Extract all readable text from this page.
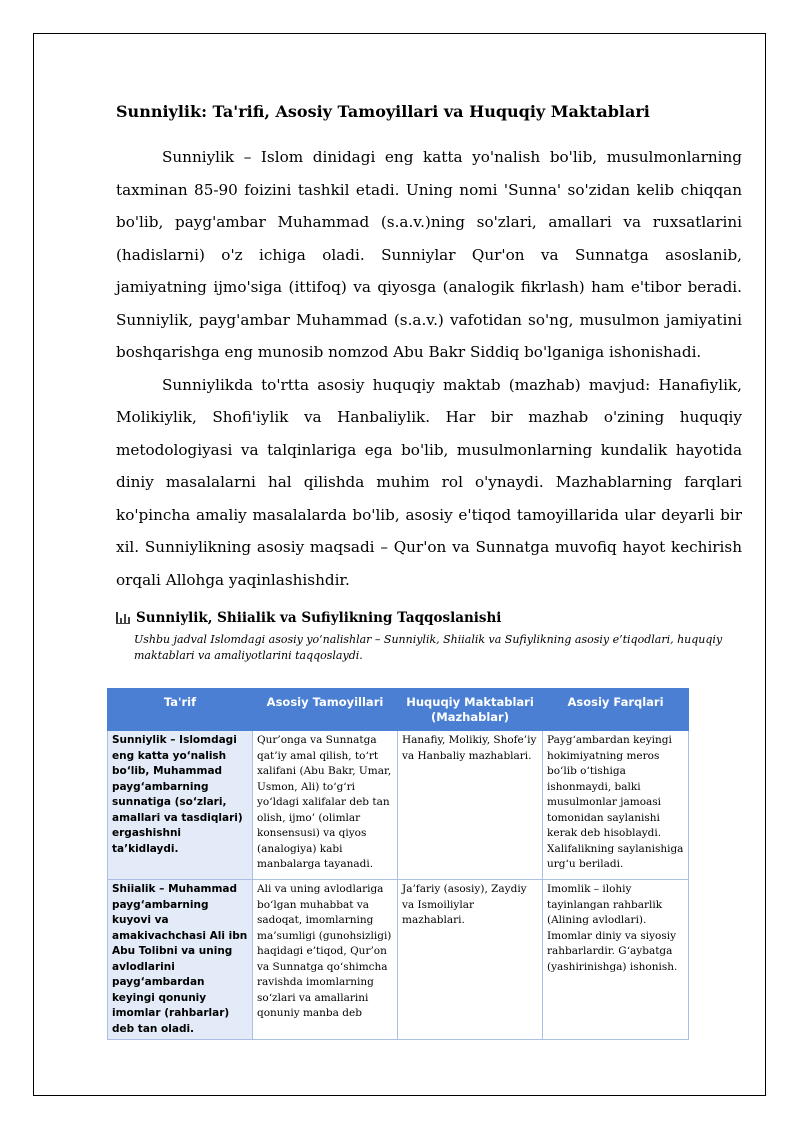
Sunniylik: Ta'rifi, Asosiy Tamoyillari va Huquqiy Maktablari

Sunniylik – Islom dinidagi eng katta yo'nalish bo'lib, musulmonlarning taxminan 85-90 foizini tashkil etadi. Uning nomi 'Sunna' so'zidan kelib chiqqan bo'lib, payg'ambar Muhammad (s.a.v.)ning so'zlari, amallari va ruxsatlarini (hadislarni) o'z ichiga oladi. Sunniylar Qur'on va Sunnatga asoslanib, jamiyatning ijmo'siga (ittifoq) va qiyosga (analogik fikrlash) ham e'tibor beradi. Sunniylik, payg'ambar Muhammad (s.a.v.) vafotidan so'ng, musulmon jamiyatini boshqarishga eng munosib nomzod Abu Bakr Siddiq bo'lganiga ishonishadi.

Sunniylikda to'rtta asosiy huquqiy maktab (mazhab) mavjud: Hanafiylik, Molikiylik, Shofi'iylik va Hanbaliylik. Har bir mazhab o'zining huquqiy metodologiyasi va talqinlariga ega bo'lib, musulmonlarning kundalik hayotida diniy masalalarni hal qilishda muhim rol o'ynaydi. Mazhablarning farqlari ko'pincha amaliy masalalarda bo'lib, asosiy e'tiqod tamoyillarida ular deyarli bir xil. Sunniylikning asosiy maqsadi – Qur'on va Sunnatga muvofiq hayot kechirish orqali Allohga yaqinlashishdir.

Sunniylik, Shiialik va Sufiylikning Taqqoslanishi
Ushbu jadval Islomdagi asosiy yo‘nalishlar – Sunniylik, Shiialik va Sufiylikning asosiy e’tiqodlari, huquqiy maktablari va amaliyotlarini taqqoslaydi.
Ta'rif	Asosiy Tamoyillari	Huquqiy Maktablari (Mazhablar)	Asosiy Farqlari
Sunniylik – Islomdagi eng katta yo‘nalish bo‘lib, Muhammad payg‘ambarning sunnatiga (so‘zlari, amallari va tasdiqlari) ergashishni ta’kidlaydi.	Qur’onga va Sunnatga qat’iy amal qilish, to‘rt xalifani (Abu Bakr, Umar, Usmon, Ali) to‘g‘ri yo‘ldagi xalifalar deb tan olish, ijmo’ (olimlar konsensusi) va qiyos (analogiya) kabi manbalarga tayanadi.	Hanafiy, Molikiy, Shofe’iy va Hanbaliy mazhablari.	Payg‘ambardan keyingi hokimiyatning meros bo‘lib o‘tishiga ishonmaydi, balki musulmonlar jamoasi tomonidan saylanishi kerak deb hisoblaydi. Xalifalikning saylanishiga urg‘u beriladi.
Shiialik – Muhammad payg‘ambarning kuyovi va amakivachchasi Ali ibn Abu Tolibni va uning avlodlarini payg‘ambardan keyingi qonuniy imomlar (rahbarlar) deb tan oladi.	Ali va uning avlodlariga bo‘lgan muhabbat va sadoqat, imomlarning ma’sumligi (gunohsizligi) haqidagi e’tiqod, Qur’on va Sunnatga qo‘shimcha ravishda imomlarning so‘zlari va amallarini qonuniy manba deb	Ja’fariy (asosiy), Zaydiy va Ismoiliylar mazhablari.	Imomlik – ilohiy tayinlangan rahbarlik (Alining avlodlari). Imomlar diniy va siyosiy rahbarlardir. G‘aybatga (yashirinishga) ishonish.
